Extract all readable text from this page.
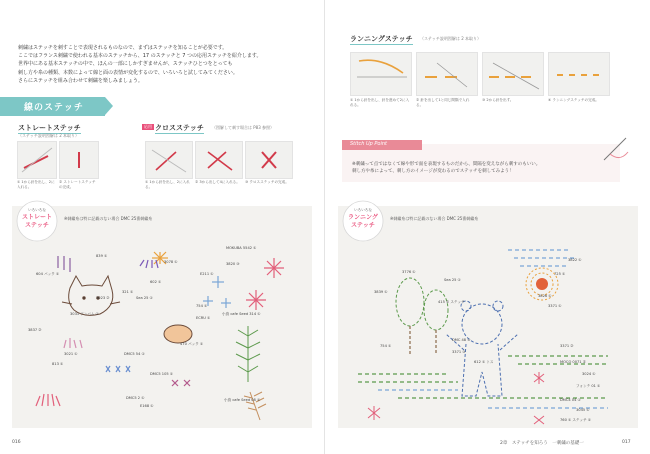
刺繍はステッチを刺すことで表現されるものなので、まずはステッチを知ることが必要です。

ここではフランス刺繍で使われる基本のステッチから、17 のステッチと 7 つの応用ステッチを紹介します。

世界中にある基本ステッチの中で、ほんの一部にしかすぎませんが、ステッチひとつをとっても

刺し方や糸の種類、本数によって線と面の表情が変化するので、いろいろと試してみてください。

さらにステッチを組み合わせて刺繍を楽しみましょう。

線のステッチ
ストレートステッチ
（ステッチ説明図解は 2 本取り）
① 1から針を出し、2に入れる。
② ストレートステッチの完成。
応用 クロスステッチ （図解して刺す場合は P83 参照）
① 1から針を出し、2に入れる。
② 3から出して4に入れる。	③ クロスステッチの完成。
いろいろな
ストレート
ステッチ
※刺繍糸は特に記載のない場合 DMC 25番刺繍糸
3078 ①
E211 ①
602 ①
3820 ③
MOKUBA 5542 ①
839 ①
754 ①
ECRU ①
321 ①
小鳥 cafe Seed 314 ①
604 パック ①
3023 ②
3837 ②
3021 ①
813 ①
3031 ワンバム ①
DMC5 54 ①
DMC5 105 ①
DMC5 2 ①
Sea 25 ①
小鳥 cafe Seed 08 ①
E168 ①
470 パック ①
016
ランニングステッチ （ステッチ説明図解は 2 本取り）
① 1から針を出し、針を進めて2に入れる。
② 針を出して1と同じ間隔で入れる。
③ 2から針を出す。	④ ランニングステッチの完成。
Stitch Up Point
※刺繍って点ではなくて線や形で面を表現するものだから、間隔を変えながら刺すのもいい。
刺し方や糸によって、刺し方のイメージが変わるのでステッチを刺してみよう！
いろいろな
ランニング
ステッチ
※刺繍糸は特に記載のない場合 DMC 25番刺繍糸
3822 ①
725 ①
3776 ①
3826 ①
3371 ①
Sea 25 ①
3839 ①
415 ② ステッチ
DMC 48 ①
3371 ③
612 ① トス
754 ①	3371 ②
MOCO 0071 ②
3024 ①
フォンテ 01 ①
DMC4 04 ①
3045 ①
760 ① ステッチ ①
2章　ステッチを知ろう　一刺繍の基礎一	017
